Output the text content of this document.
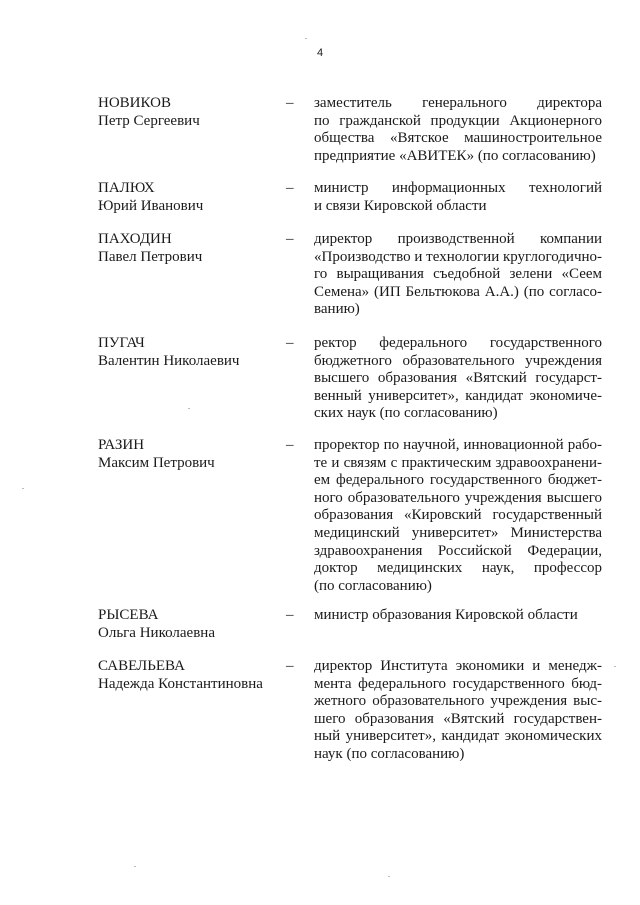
4
НОВИКОВ
Петр Сергеевич
– заместитель генерального директора
по гражданской продукции Акционерного
общества «Вятское машиностроительное
предприятие «АВИТЕК» (по согласованию)
ПАЛЮХ
Юрий Иванович
– министр информационных технологий
и связи Кировской области
ПАХОДИН
Павел Петрович
– директор производственной компании
«Производство и технологии круглогодично-
го выращивания съедобной зелени «Сеем
Семена» (ИП Бельтюкова А.А.) (по согласо-
ванию)
ПУГАЧ
Валентин Николаевич
– ректор федерального государственного
бюджетного образовательного учреждения
высшего образования «Вятский государст-
венный университет», кандидат экономиче-
ских наук (по согласованию)
РАЗИН
Максим Петрович
– проректор по научной, инновационной рабо-
те и связям с практическим здравоохранени-
ем федерального государственного бюджет-
ного образовательного учреждения высшего
образования «Кировский государственный
медицинский университет» Министерства
здравоохранения Российской Федерации,
доктор медицинских наук, профессор
(по согласованию)
РЫСЕВА
Ольга Николаевна
– министр образования Кировской области
САВЕЛЬЕВА
Надежда Константиновна
– директор Института экономики и менедж-
мента федерального государственного бюд-
жетного образовательного учреждения выс-
шего образования «Вятский государствен-
ный университет», кандидат экономических
наук (по согласованию)
